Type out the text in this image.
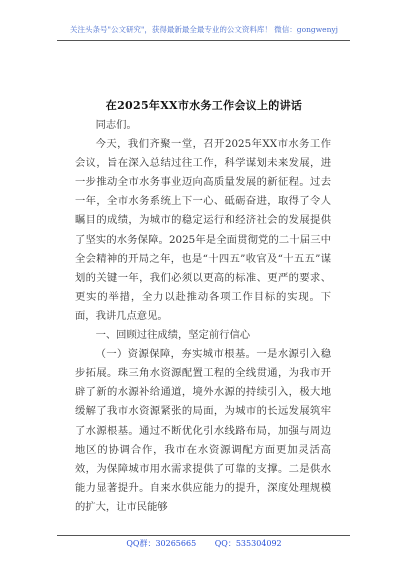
关注头条号"公文研究"，获得最新最全最专业的公文资料库！ 微信：gongwenyj
在2025年XX市水务工作会议上的讲话

同志们。

今天，我们齐聚一堂，召开2025年XX市水务工作会议，旨在深入总结过往工作，科学谋划未来发展，进一步推动全市水务事业迈向高质量发展的新征程。过去一年，全市水务系统上下一心、砥砺奋进，取得了令人瞩目的成绩，为城市的稳定运行和经济社会的发展提供了坚实的水务保障。2025年是全面贯彻党的二十届三中全会精神的开局之年，也是“十四五”收官及“十五五”谋划的关键一年，我们必须以更高的标准、更严的要求、更实的举措，全力以赴推动各项工作目标的实现。下面，我讲几点意见。

一、回顾过往成绩，坚定前行信心

（一）资源保障，夯实城市根基。一是水源引入稳步拓展。珠三角水资源配置工程的全线贯通，为我市开辟了新的水源补给通道，境外水源的持续引入，极大地缓解了我市水资源紧张的局面，为城市的长远发展筑牢了水源根基。通过不断优化引水线路布局，加强与周边地区的协调合作，我市在水资源调配方面更加灵活高效，为保障城市用水需求提供了可靠的支撑。二是供水能力显著提升。自来水供应能力的提升，深度处理规模的扩大，让市民能够

QQ群：30265665 QQ：535304092
